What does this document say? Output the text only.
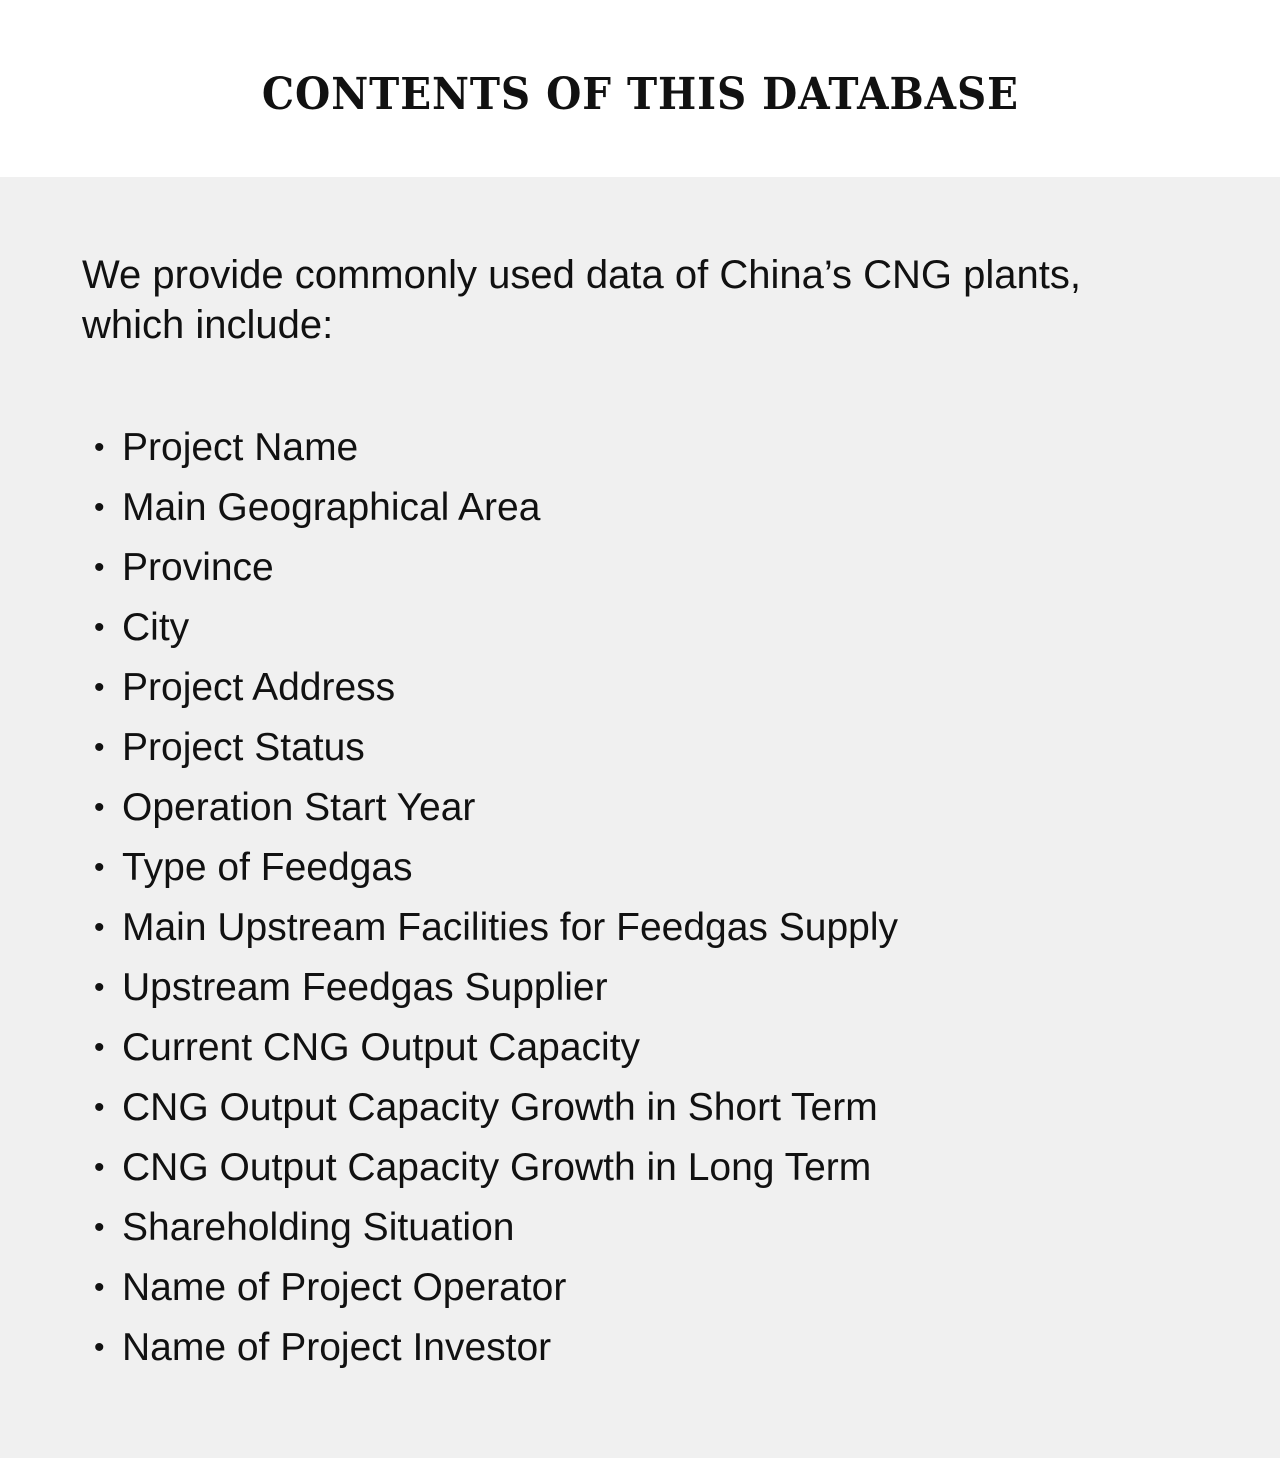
CONTENTS OF THIS DATABASE

We provide commonly used data of China’s CNG plants, which include:

• Project Name
• Main Geographical Area
• Province
• City
• Project Address
• Project Status
• Operation Start Year
• Type of Feedgas
• Main Upstream Facilities for Feedgas Supply
• Upstream Feedgas Supplier
• Current CNG Output Capacity
• CNG Output Capacity Growth in Short Term
• CNG Output Capacity Growth in Long Term
• Shareholding Situation
• Name of Project Operator
• Name of Project Investor
